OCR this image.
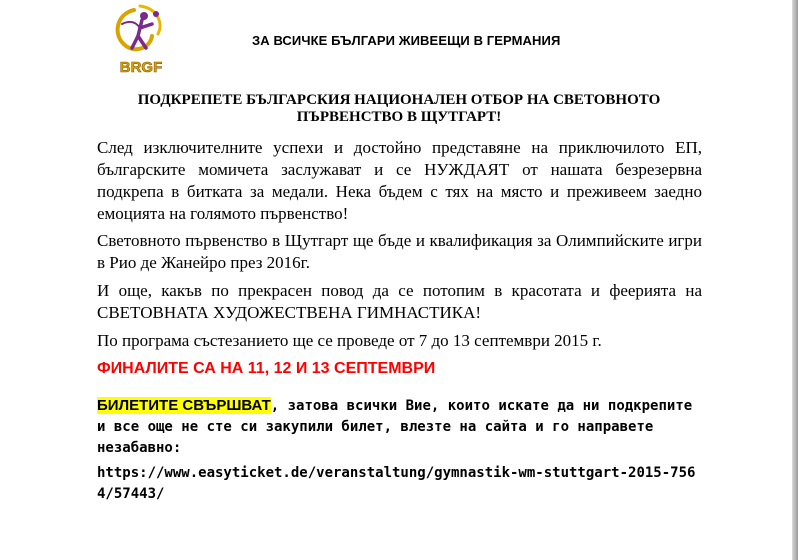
BRGF
ЗА ВСИЧКЕ БЪЛГАРИ ЖИВЕЕЩИ В ГЕРМАНИЯ
ПОДКРЕПЕТЕ БЪЛГАРСКИЯ НАЦИОНАЛЕН ОТБОР НА СВЕТОВНОТО
ПЪРВЕНСТВО В ЩУТГАРТ!
След изключителните успехи и достойно представяне на приключилото ЕП, българските момичета заслужават и се НУЖДАЯТ от нашата безрезервна подкрепа в битката за медали. Нека бъдем с тях на място и преживеем заедно емоцията на голямото първенство!
Световното първенство в Щутгарт ще бъде и квалификация за Олимпийските игри в Рио де Жанейро през 2016г.
И още, какъв по прекрасен повод да се потопим в красотата и феерията на СВЕТОВНАТА ХУДОЖЕСТВЕНА ГИМНАСТИКА!
По програма състезанието ще се проведе от 7 до 13 септември 2015 г.
ФИНАЛИТЕ СА НА 11, 12 И 13 СЕПТЕМВРИ
БИЛЕТИТЕ СВЪРШВАТ, затова всички Вие, които искате да ни подкрепите и все още не сте си закупили билет, влезте на сайта и го направете незабавно:
https://www.easyticket.de/veranstaltung/gymnastik-wm-stuttgart-2015-7564/57443/
